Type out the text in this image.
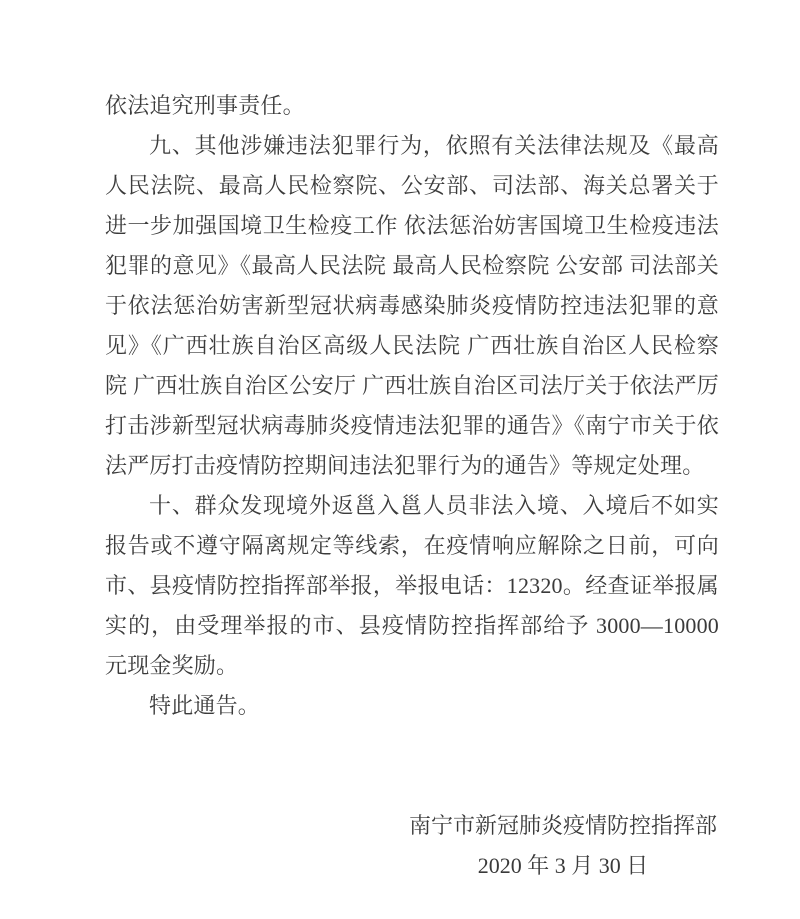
依法追究刑事责任。

九、其他涉嫌违法犯罪行为，依照有关法律法规及《最高人民法院、最高人民检察院、公安部、司法部、海关总署关于进一步加强国境卫生检疫工作 依法惩治妨害国境卫生检疫违法犯罪的意见》《最高人民法院 最高人民检察院 公安部 司法部关于依法惩治妨害新型冠状病毒感染肺炎疫情防控违法犯罪的意见》《广西壮族自治区高级人民法院 广西壮族自治区人民检察院 广西壮族自治区公安厅 广西壮族自治区司法厅关于依法严厉打击涉新型冠状病毒肺炎疫情违法犯罪的通告》《南宁市关于依法严厉打击疫情防控期间违法犯罪行为的通告》等规定处理。

十、群众发现境外返邕入邕人员非法入境、入境后不如实报告或不遵守隔离规定等线索，在疫情响应解除之日前，可向市、县疫情防控指挥部举报，举报电话：12320。经查证举报属实的，由受理举报的市、县疫情防控指挥部给予 3000—10000 元现金奖励。

特此通告。

南宁市新冠肺炎疫情防控指挥部

2020 年 3 月 30 日
